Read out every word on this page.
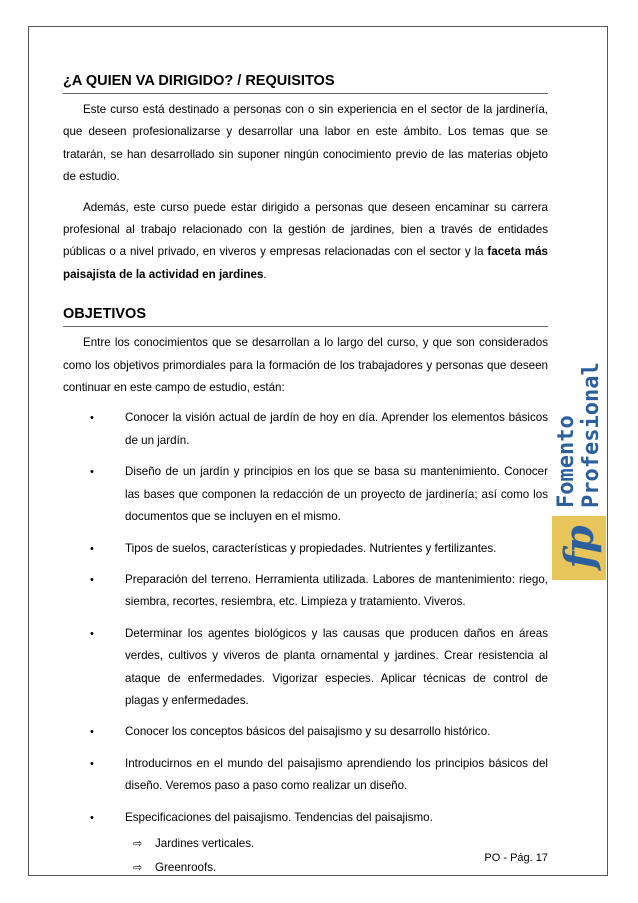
¿A QUIEN VA DIRIGIDO? / REQUISITOS

Este curso está destinado a personas con o sin experiencia en el sector de la jardinería, que deseen profesionalizarse y desarrollar una labor en este ámbito. Los temas que se tratarán, se han desarrollado sin suponer ningún conocimiento previo de las materias objeto de estudio.

Además, este curso puede estar dirigido a personas que deseen encaminar su carrera profesional al trabajo relacionado con la gestión de jardines, bien a través de entidades públicas o a nivel privado, en viveros y empresas relacionadas con el sector y la faceta más paisajista de la actividad en jardines.

OBJETIVOS

Entre los conocimientos que se desarrollan a lo largo del curso, y que son considerados como los objetivos primordiales para la formación de los trabajadores y personas que deseen continuar en este campo de estudio, están:

•	Conocer la visión actual de jardín de hoy en día. Aprender los elementos básicos de un jardín.
•	Diseño de un jardín y principios en los que se basa su mantenimiento. Conocer las bases que componen la redacción de un proyecto de jardinería; así como los documentos que se incluyen en el mismo.
•	Tipos de suelos, características y propiedades. Nutrientes y fertilizantes.
•	Preparación del terreno. Herramienta utilizada. Labores de mantenimiento: riego, siembra, recortes, resiembra, etc. Limpieza y tratamiento. Viveros.
•	Determinar los agentes biológicos y las causas que producen daños en áreas verdes, cultivos y viveros de planta ornamental y jardines. Crear resistencia al ataque de enfermedades. Vigorizar especies. Aplicar técnicas de control de plagas y enfermedades.
•	Conocer los conceptos básicos del paisajismo y su desarrollo histórico.
•	Introducirnos en el mundo del paisajismo aprendiendo los principios básicos del diseño. Veremos paso a paso como realizar un diseño.
•	Especificaciones del paisajismo. Tendencias del paisajismo.
⇨ Jardines verticales.
⇨ Greenroofs.
fp
Fomento Profesional
PO - Pág. 17
